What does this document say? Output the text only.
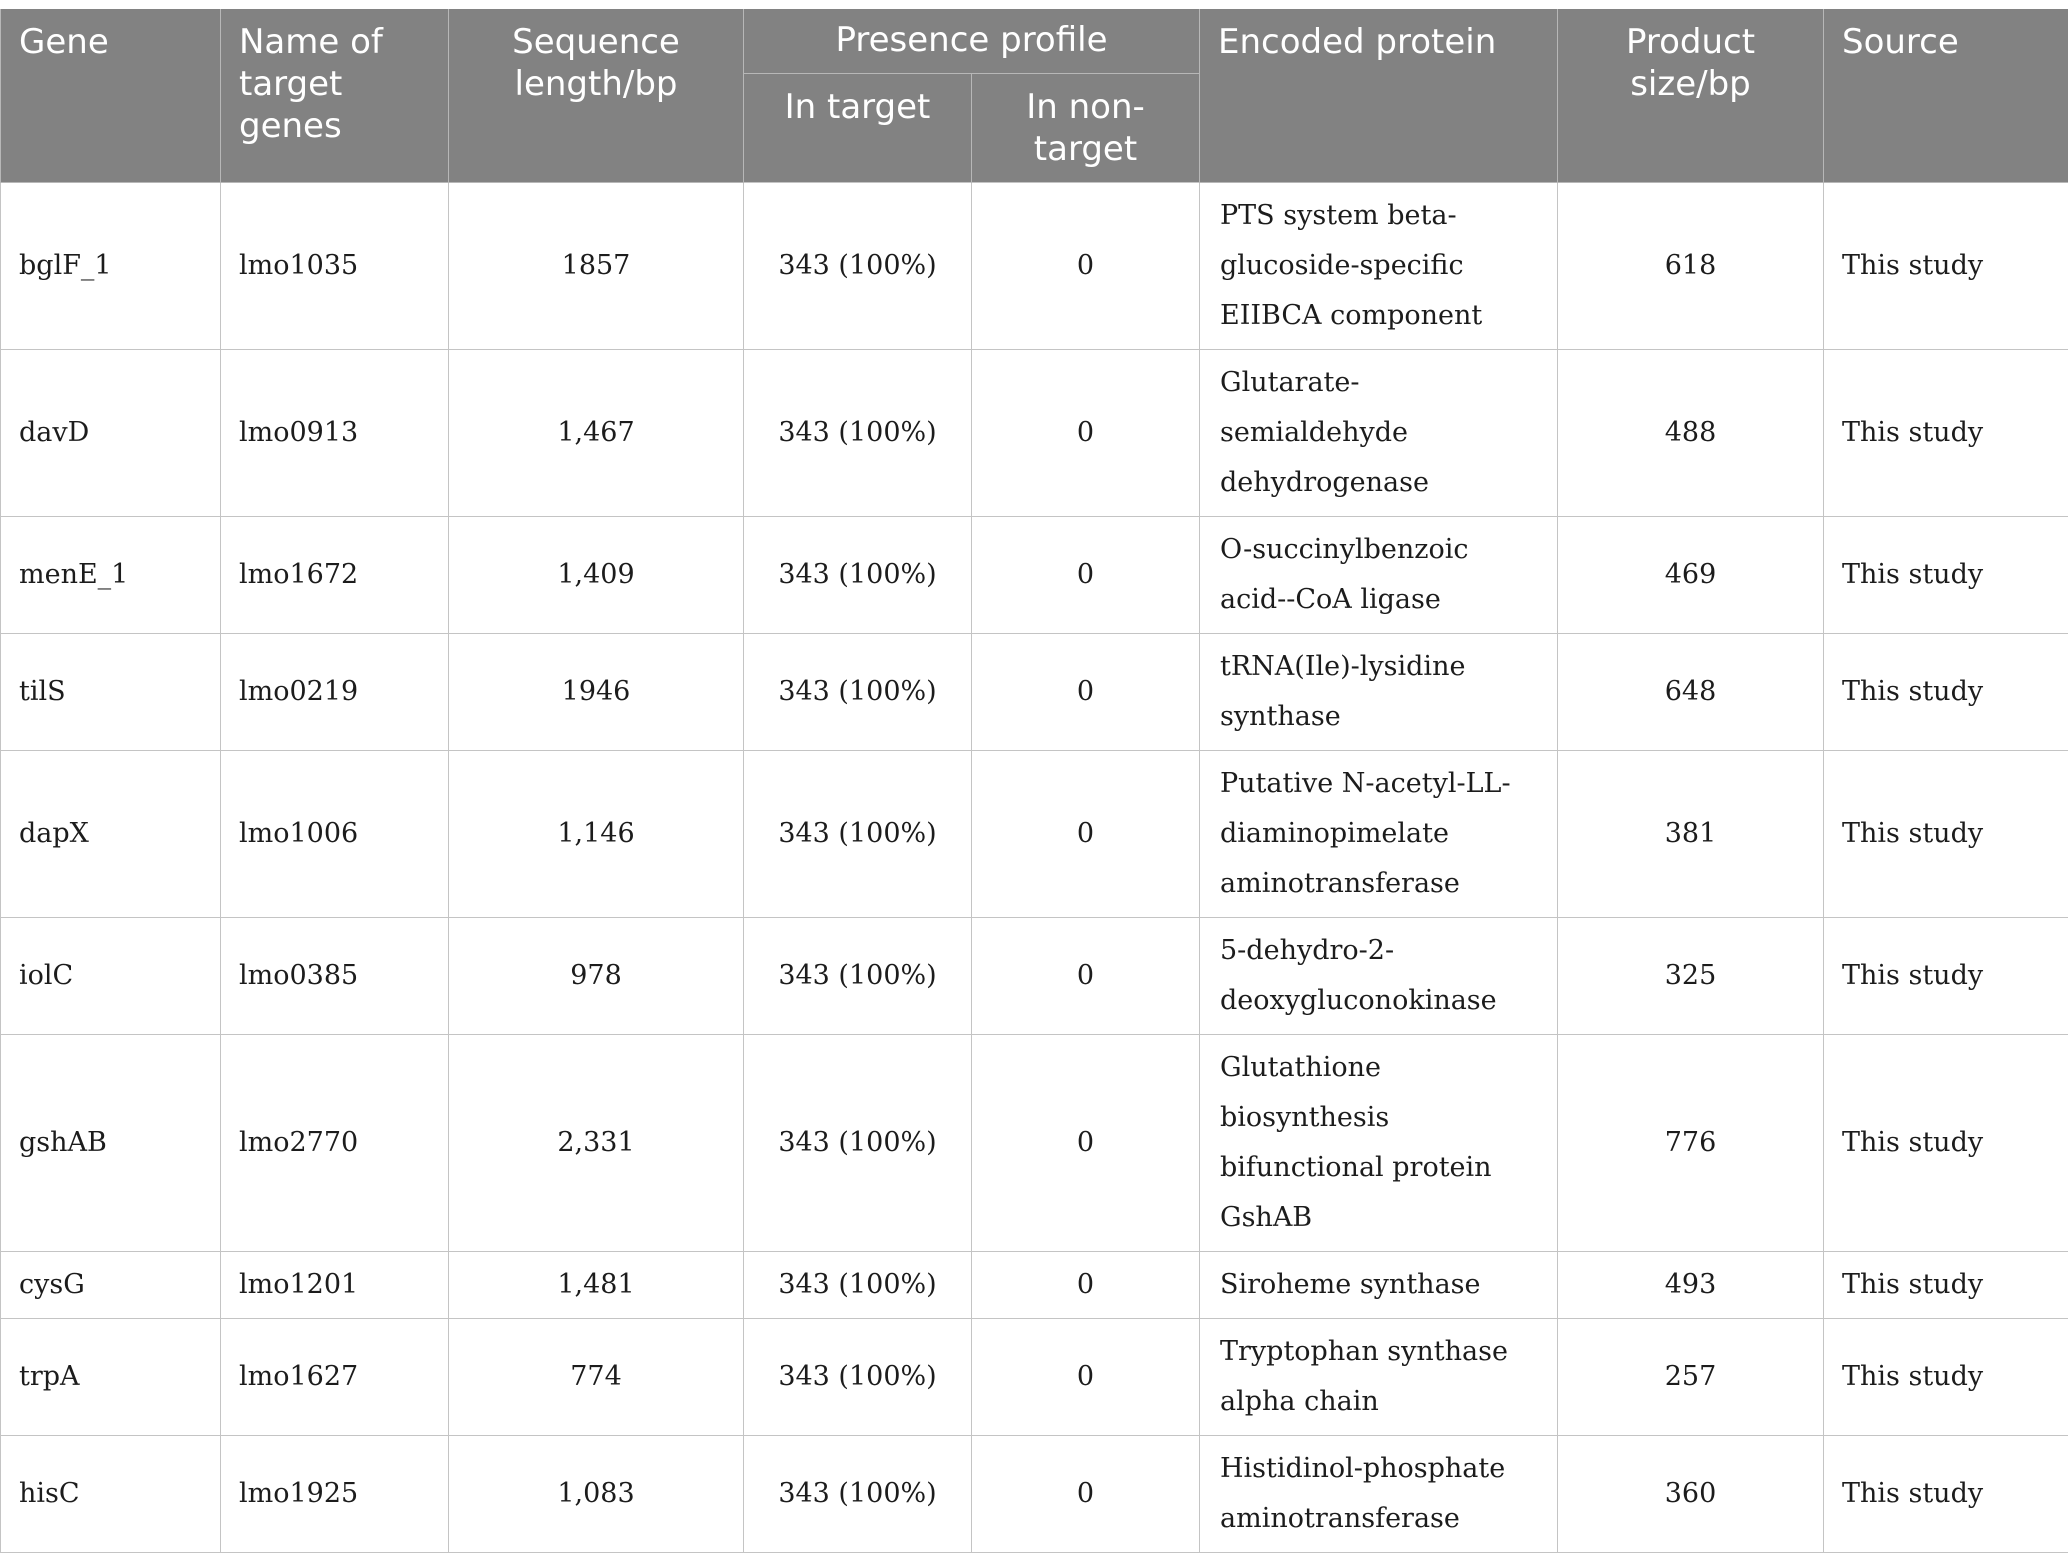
Gene	Name of target genes	Sequence length/bp	Presence profile		Encoded protein	Product size/bp	Source
			In target	In non-target			
bglF_1	lmo1035	1857	343 (100%)	0	PTS system beta-glucoside-specific EIIBCA component	618	This study
davD	lmo0913	1,467	343 (100%)	0	Glutarate-semialdehyde dehydrogenase	488	This study
menE_1	lmo1672	1,409	343 (100%)	0	O-succinylbenzoic acid--CoA ligase	469	This study
tilS	lmo0219	1946	343 (100%)	0	tRNA(Ile)-lysidine synthase	648	This study
dapX	lmo1006	1,146	343 (100%)	0	Putative N-acetyl-LL-diaminopimelate aminotransferase	381	This study
iolC	lmo0385	978	343 (100%)	0	5-dehydro-2-deoxygluconokinase	325	This study
gshAB	lmo2770	2,331	343 (100%)	0	Glutathione biosynthesis bifunctional protein GshAB	776	This study
cysG	lmo1201	1,481	343 (100%)	0	Siroheme synthase	493	This study
trpA	lmo1627	774	343 (100%)	0	Tryptophan synthase alpha chain	257	This study
hisC	lmo1925	1,083	343 (100%)	0	Histidinol-phosphate aminotransferase	360	This study
